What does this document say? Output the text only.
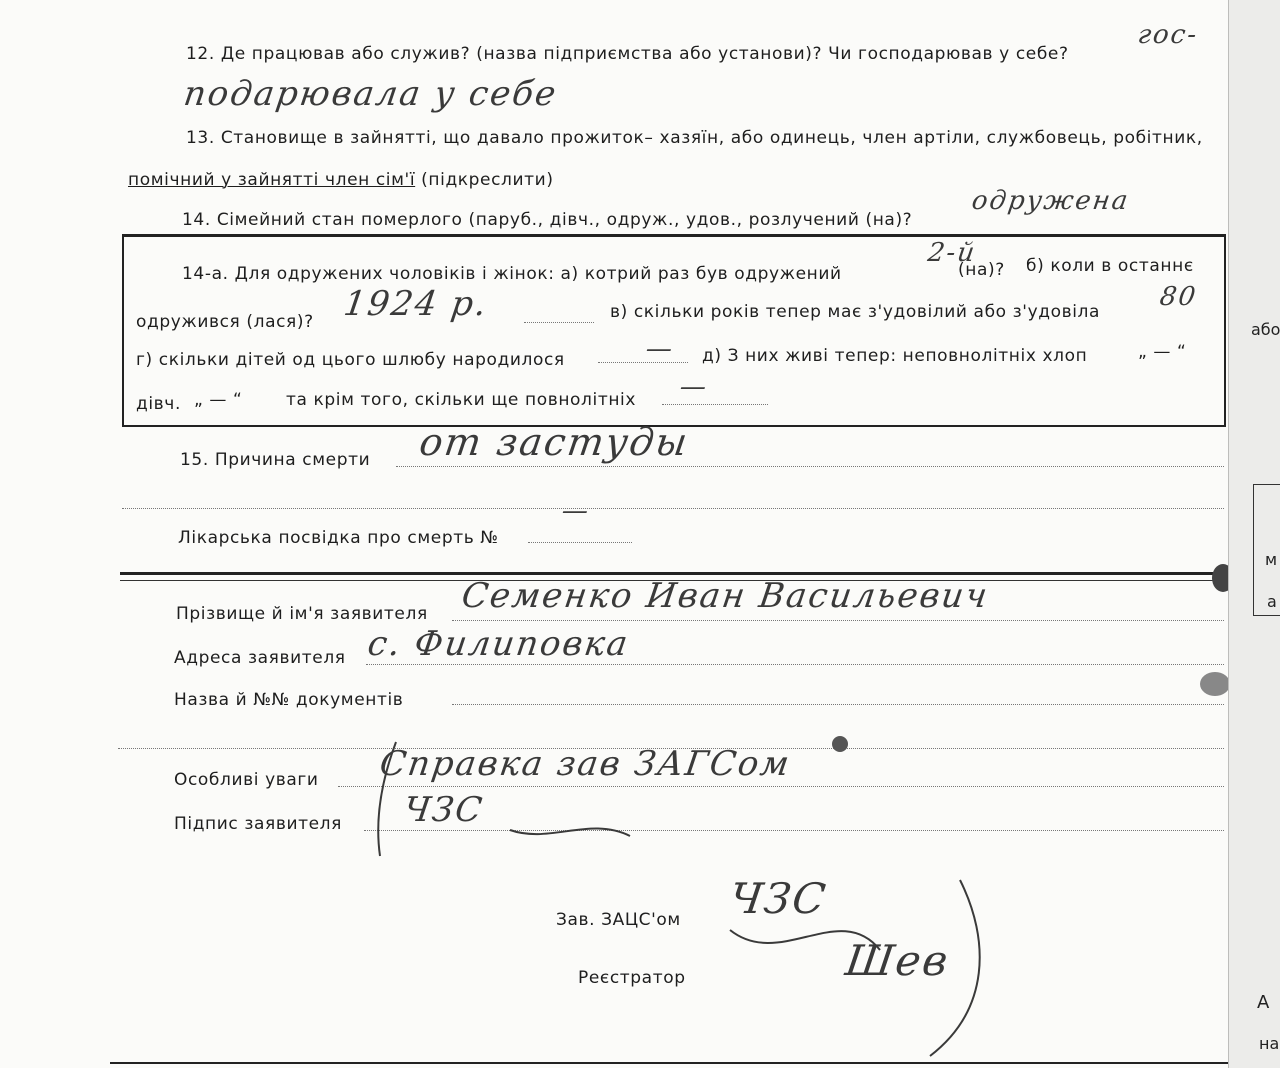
12. Де працював або служив? (назва підприємства або установи)? Чи господарював у себе?
гос-
подарювала у себе
13. Становище в зайнятті, що давало прожиток– хазяїн, або одинець, член артіли, службовець, робітник,
помічний у зайнятті член сім'ї (підкреслити)
14. Сімейний стан померлого (паруб., дівч., одруж., удов., розлучений (на)?
одружена
14-а. Для одружених чоловіків і жінок: а) котрий раз був одружений
2-й
(на)? б) коли в останнє
одружився (лася)? 1924 р.	в) скільки років тепер має з'удовілий або з'удовіла 80
г) скільки дітей од цього шлюбу народилося	— д) З них живі тепер: неповнолітніх хлоп	„ — “
дівч. „ — “	та крім того, скільки ще повнолітніх —
15. Причина смерти от застуды
Лікарська посвідка про смерть №
—
Прізвище й ім'я заявителя Семенко Иван Васильевич
Адреса заявителя с. Филиповка
Назва й №№ документів
Особливі уваги Справка зав ЗАГСом
Підпис заявителя ЧЗС
Зав. ЗАЦС'ом ЧЗС
Реєстратор	Шев
або
м
а
А
на
